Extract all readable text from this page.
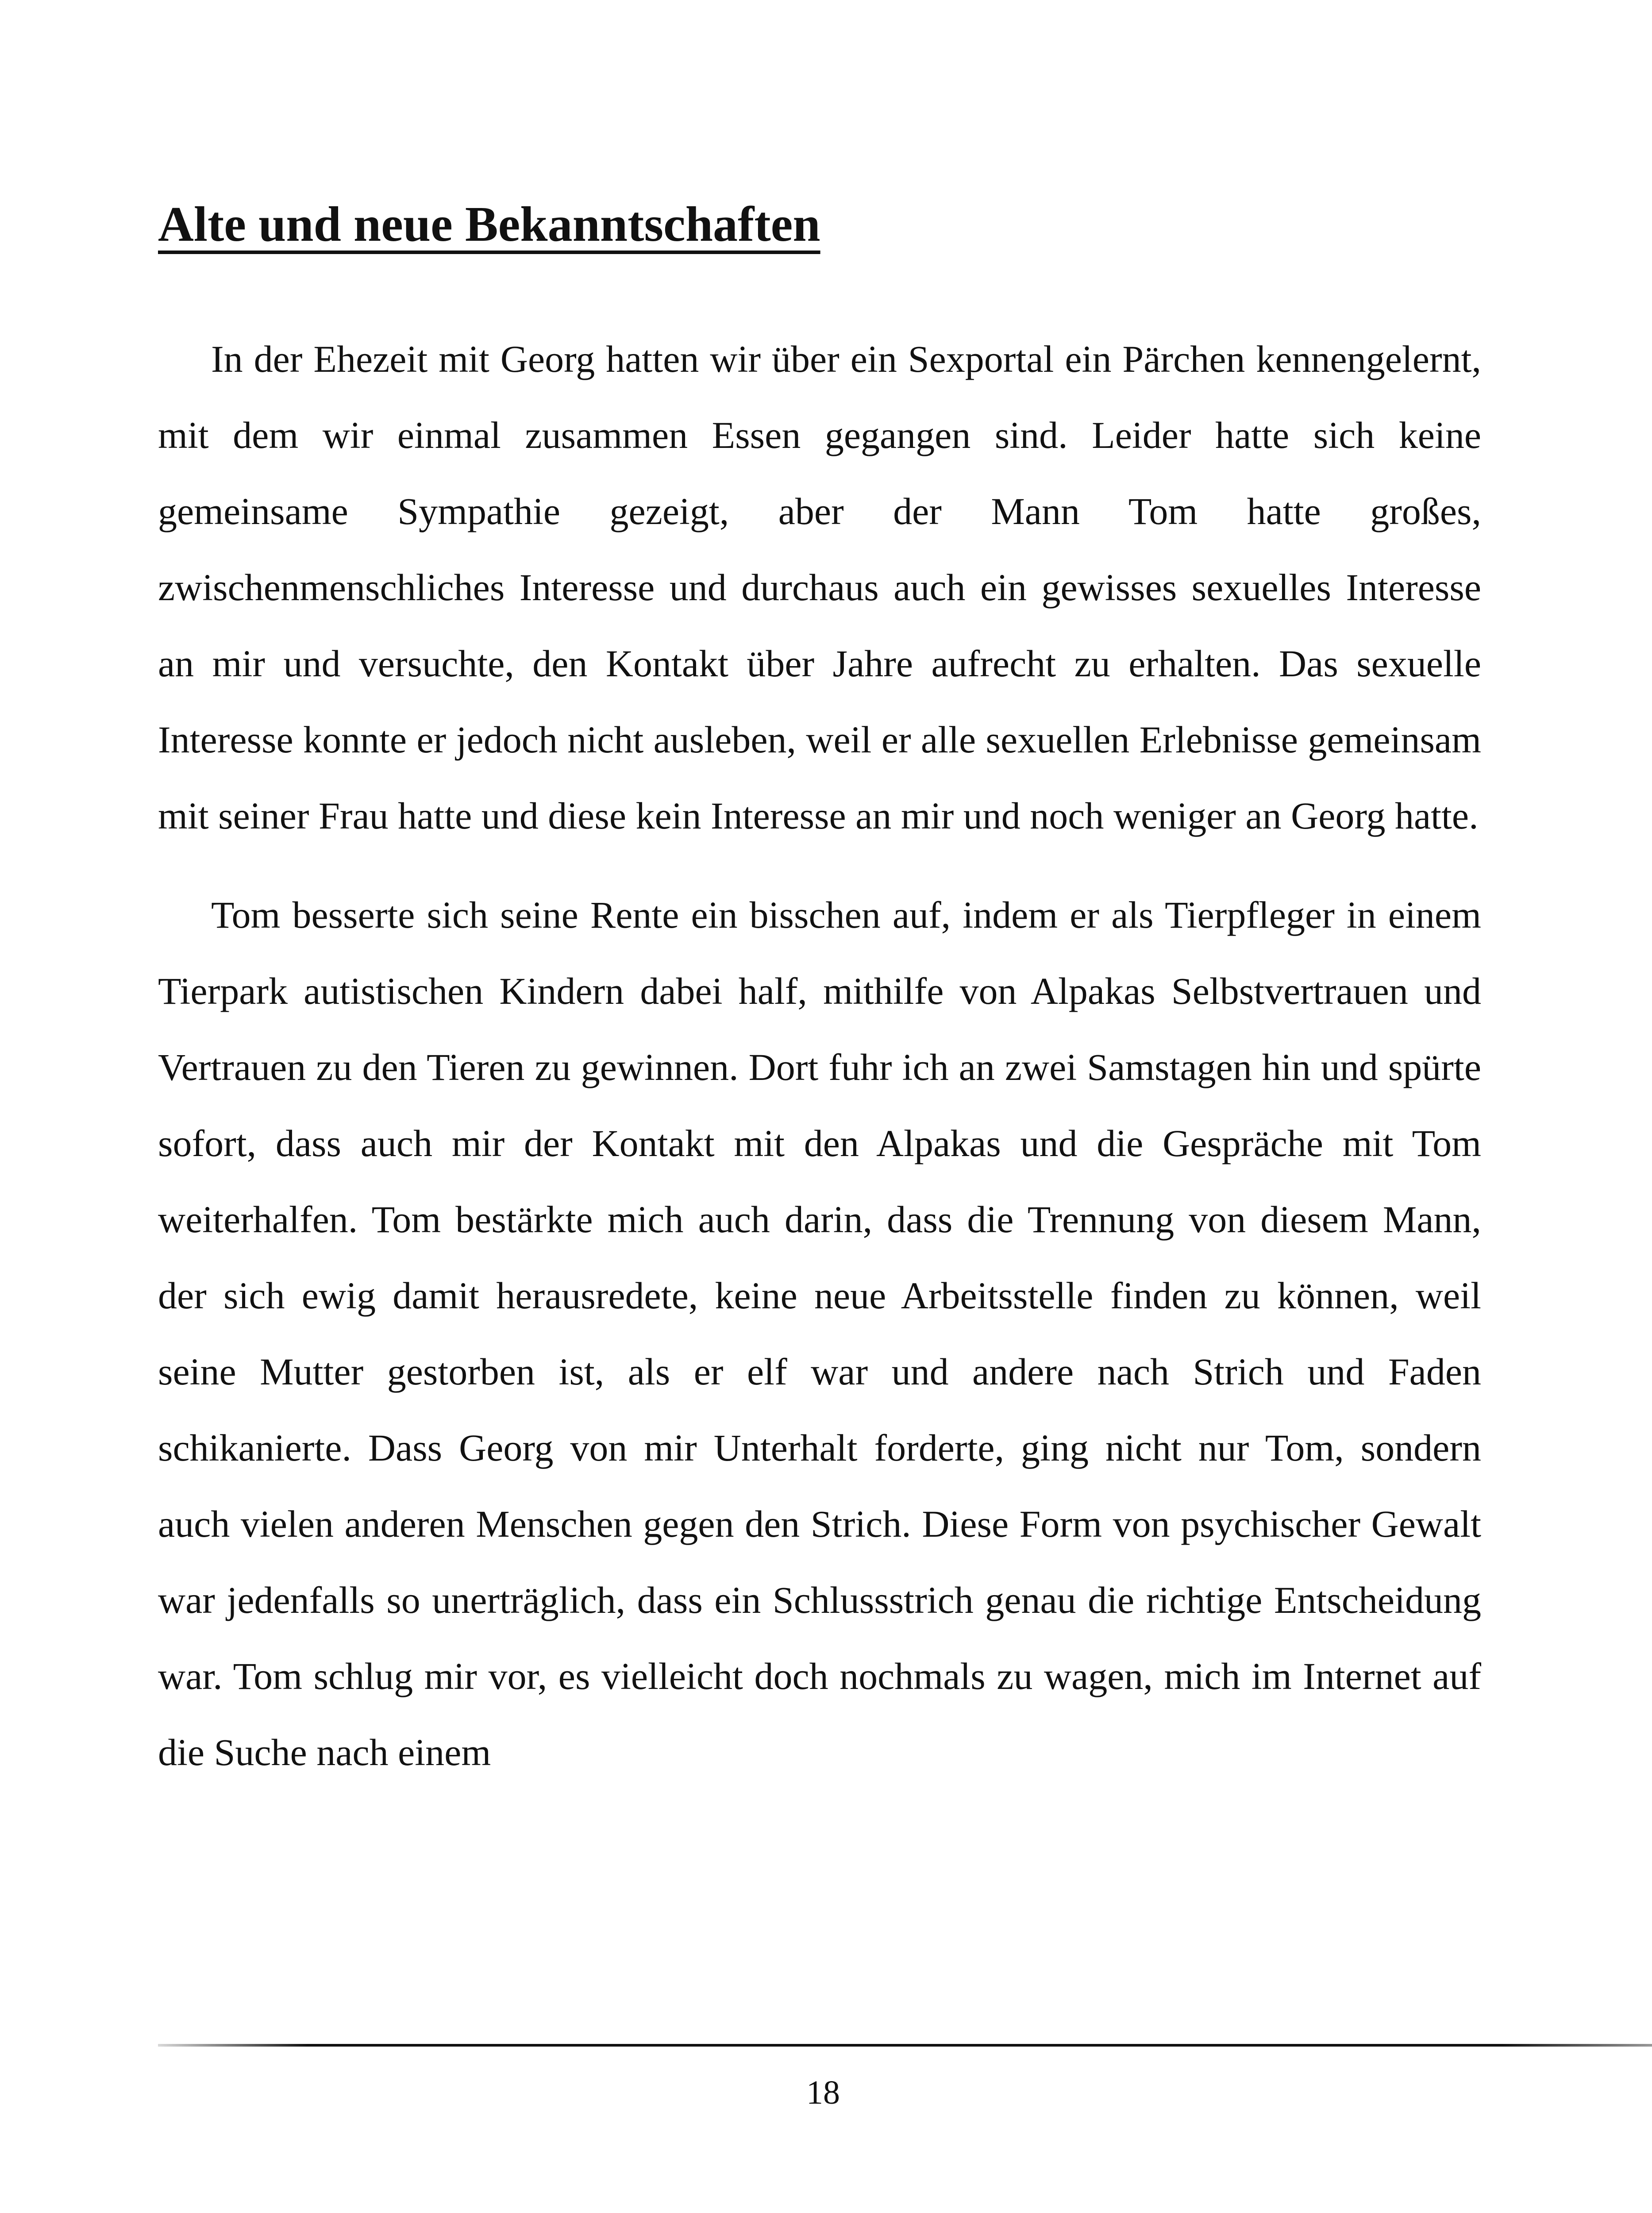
Alte und neue Bekanntschaften

In der Ehezeit mit Georg hatten wir über ein Sexportal ein Pärchen kennengelernt, mit dem wir einmal zusammen Essen gegangen sind. Leider hatte sich keine gemeinsame Sympathie gezeigt, aber der Mann Tom hatte großes, zwischenmenschliches Interesse und durchaus auch ein gewisses sexuelles Interesse an mir und versuchte, den Kontakt über Jahre aufrecht zu erhalten. Das sexuelle Interesse konnte er jedoch nicht ausleben, weil er alle sexuellen Erlebnisse gemeinsam mit seiner Frau hatte und diese kein Interesse an mir und noch weniger an Georg hatte.

Tom besserte sich seine Rente ein bisschen auf, indem er als Tierpfleger in einem Tierpark autistischen Kindern dabei half, mithilfe von Alpakas Selbstvertrauen und Vertrauen zu den Tieren zu gewinnen. Dort fuhr ich an zwei Samstagen hin und spürte sofort, dass auch mir der Kontakt mit den Alpakas und die Gespräche mit Tom weiterhalfen. Tom bestärkte mich auch darin, dass die Trennung von diesem Mann, der sich ewig damit herausredete, keine neue Arbeitsstelle finden zu können, weil seine Mutter gestorben ist, als er elf war und andere nach Strich und Faden schikanierte. Dass Georg von mir Unterhalt forderte, ging nicht nur Tom, sondern auch vielen anderen Menschen gegen den Strich. Diese Form von psychischer Gewalt war jedenfalls so unerträglich, dass ein Schlussstrich genau die richtige Entscheidung war. Tom schlug mir vor, es vielleicht doch nochmals zu wagen, mich im Internet auf die Suche nach einem

18
